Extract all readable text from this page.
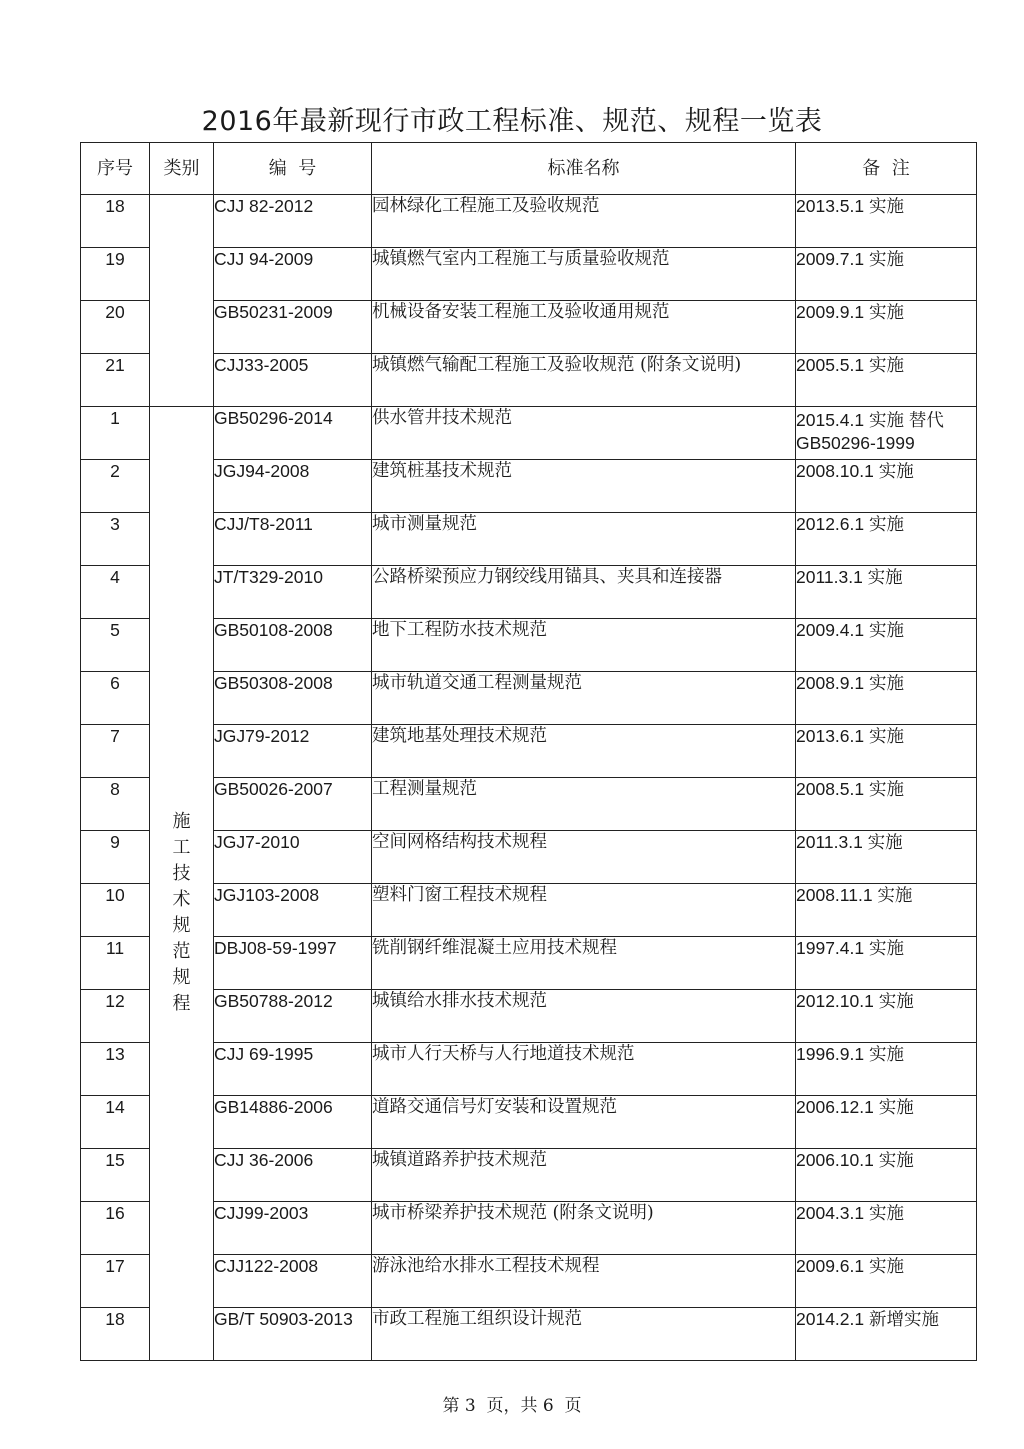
2016年最新现行市政工程标准、规范、规程一览表
序号	类别	编  号	标准名称	备  注
18		CJJ 82-2012	园林绿化工程施工及验收规范	2013.5.1 实施

19		CJJ 94-2009	城镇燃气室内工程施工与质量验收规范	2009.7.1 实施

20		GB50231-2009	机械设备安装工程施工及验收通用规范	2009.9.1 实施

21		CJJ33-2005	城镇燃气输配工程施工及验收规范 (附条文说明)	2005.5.1 实施

1	施工技术规范规程	GB50296-2014	供水管井技术规范	2015.4.1 实施 替代GB50296-1999

2		JGJ94-2008	建筑桩基技术规范	2008.10.1 实施

3		CJJ/T8-2011	城市测量规范	2012.6.1 实施

4		JT/T329-2010	公路桥梁预应力钢绞线用锚具、夹具和连接器	2011.3.1 实施

5		GB50108-2008	地下工程防水技术规范	2009.4.1 实施

6		GB50308-2008	城市轨道交通工程测量规范	2008.9.1 实施

7		JGJ79-2012	建筑地基处理技术规范	2013.6.1 实施

8		GB50026-2007	工程测量规范	2008.5.1 实施

9		JGJ7-2010	空间网格结构技术规程	2011.3.1 实施

10		JGJ103-2008	塑料门窗工程技术规程	2008.11.1 实施

11		DBJ08-59-1997	铣削钢纤维混凝土应用技术规程	1997.4.1 实施

12		GB50788-2012	城镇给水排水技术规范	2012.10.1 实施

13		CJJ 69-1995	城市人行天桥与人行地道技术规范	1996.9.1 实施

14		GB14886-2006	道路交通信号灯安装和设置规范	2006.12.1 实施

15		CJJ 36-2006	城镇道路养护技术规范	2006.10.1 实施

16		CJJ99-2003	城市桥梁养护技术规范 (附条文说明)	2004.3.1 实施

17		CJJ122-2008	游泳池给水排水工程技术规程	2009.6.1 实施

18		GB/T 50903-2013	市政工程施工组织设计规范	2014.2.1 新增实施
第 3  页，共 6  页
